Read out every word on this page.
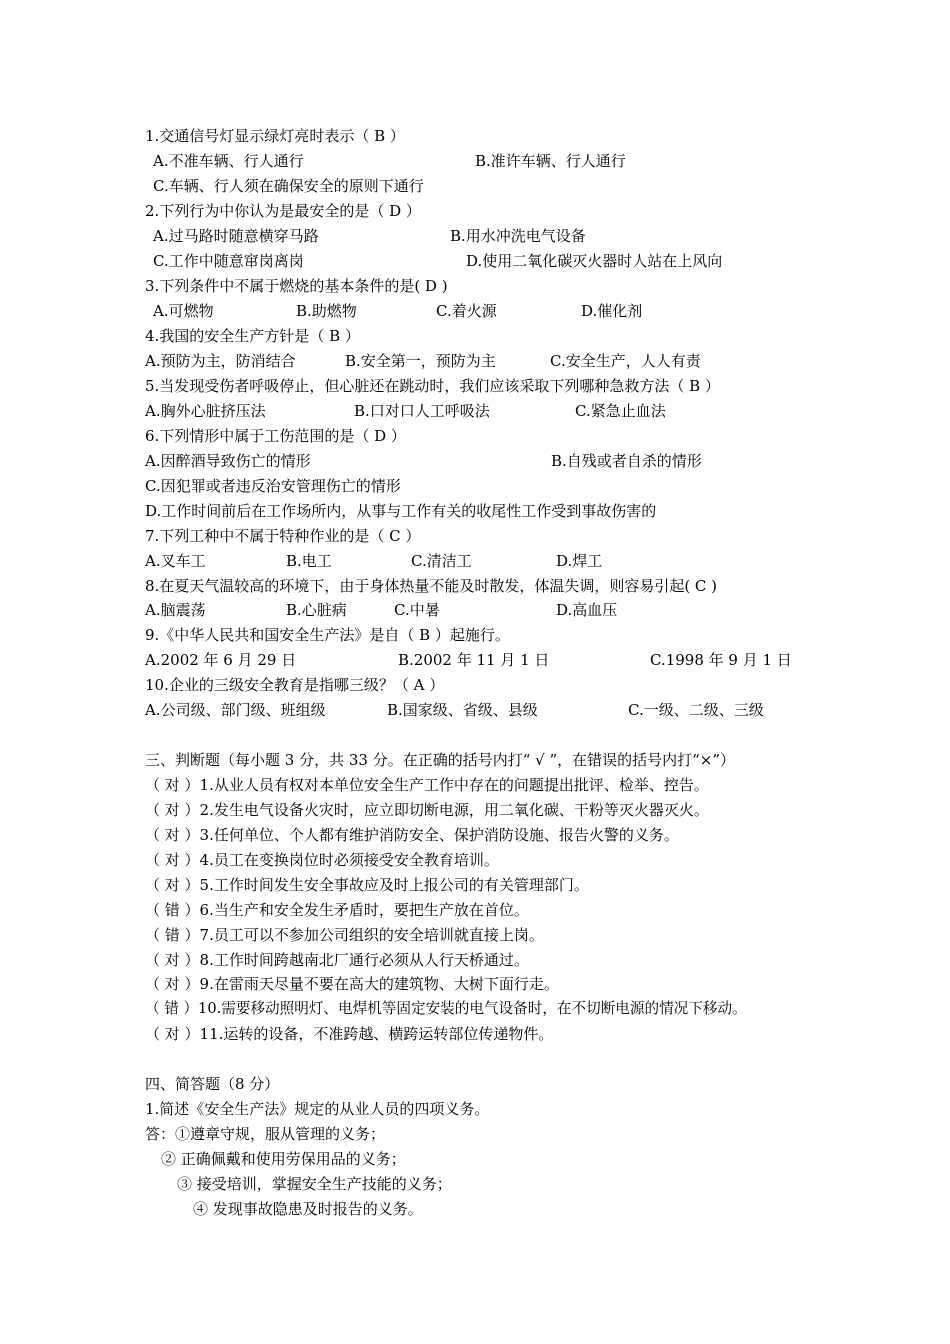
1.交通信号灯显示绿灯亮时表示（ B ）
A.不准车辆、行人通行	B.准许车辆、行人通行
C.车辆、行人须在确保安全的原则下通行
2.下列行为中你认为是最安全的是（ D ）
A.过马路时随意横穿马路	B.用水冲洗电气设备
C.工作中随意窜岗离岗	D.使用二氧化碳灭火器时人站在上风向
3.下列条件中不属于燃烧的基本条件的是( D )
A.可燃物	B.助燃物	C.着火源	D.催化剂
4.我国的安全生产方针是（ B ）
A.预防为主，防消结合	B.安全第一，预防为主	C.安全生产，人人有责
5.当发现受伤者呼吸停止，但心脏还在跳动时，我们应该采取下列哪种急救方法（ B ）
A.胸外心脏挤压法	B.口对口人工呼吸法	C.紧急止血法
6.下列情形中属于工伤范围的是（ D ）
A.因醉酒导致伤亡的情形	B.自残或者自杀的情形
C.因犯罪或者违反治安管理伤亡的情形
D.工作时间前后在工作场所内，从事与工作有关的收尾性工作受到事故伤害的
7.下列工种中不属于特种作业的是（ C ）
A.叉车工	B.电工	C.清洁工	D.焊工
8.在夏天气温较高的环境下，由于身体热量不能及时散发，体温失调，则容易引起( C )
A.脑震荡	B.心脏病	C.中暑	D.高血压
9.《中华人民共和国安全生产法》是自（ B ）起施行。
A.2002 年 6 月 29 日	B.2002 年 11 月 1 日	C.1998 年 9 月 1 日
10.企业的三级安全教育是指哪三级？（ A ）
A.公司级、部门级、班组级	B.国家级、省级、县级	C.一级、二级、三级
三、判断题（每小题 3 分，共 33 分。在正确的括号内打“ √ ”，在错误的括号内打“×”）
（ 对 ）1.从业人员有权对本单位安全生产工作中存在的问题提出批评、检举、控告。
（ 对 ）2.发生电气设备火灾时，应立即切断电源，用二氧化碳、干粉等灭火器灭火。
（ 对 ）3.任何单位、个人都有维护消防安全、保护消防设施、报告火警的义务。
（ 对 ）4.员工在变换岗位时必须接受安全教育培训。
（ 对 ）5.工作时间发生安全事故应及时上报公司的有关管理部门。
（ 错 ）6.当生产和安全发生矛盾时，要把生产放在首位。
（ 错 ）7.员工可以不参加公司组织的安全培训就直接上岗。
（ 对 ）8.工作时间跨越南北厂通行必须从人行天桥通过。
（ 对 ）9.在雷雨天尽量不要在高大的建筑物、大树下面行走。
（ 错 ）10.需要移动照明灯、电焊机等固定安装的电气设备时，在不切断电源的情况下移动。
（ 对 ）11.运转的设备，不准跨越、横跨运转部位传递物件。
四、简答题（8 分）
1.简述《安全生产法》规定的从业人员的四项义务。
答：①遵章守规，服从管理的义务；
② 正确佩戴和使用劳保用品的义务；
③ 接受培训，掌握安全生产技能的义务；
④ 发现事故隐患及时报告的义务。
